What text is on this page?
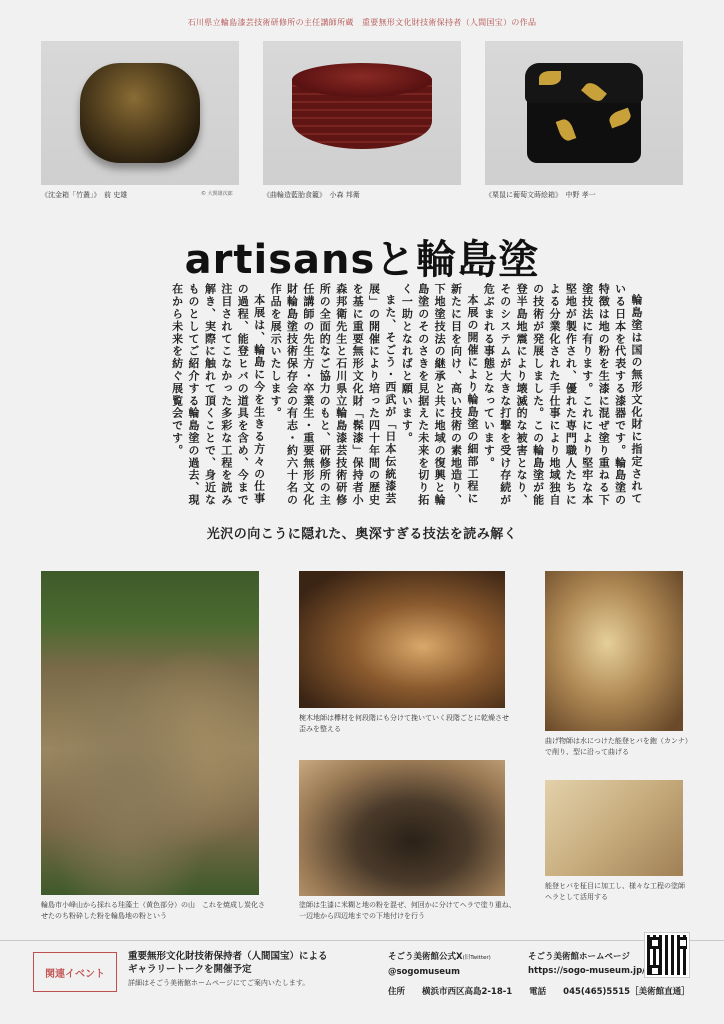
石川県立輪島漆芸技術研修所の主任講師所蔵　重要無形文化財技術保持者（人間国宝）の作品
《沈金箱「竹叢」》　前 史雄	© 大関雄次郎	《曲輪造藍胎食籠》　小森 邦衛	《栗鼠に葡萄文蒔絵箱》　中野 孝一
artisansと輪島塗

輪島塗は国の無形文化財に指定されている日本を代表する漆器です。輪島塗の特徴は地の粉を生漆に混ぜ塗り重ねる下塗技法に有ります。これにより堅牢な本堅地が製作され、優れた専門職人たちによる分業化された手仕事により地域独自の技術が発展しました。この輪島塗が能登半島地震により壊滅的な被害となり、そのシステムが大きな打撃を受け存続が危ぶまれる事態となっています。

本展の開催により輪島塗の細部工程に新たに目を向け、高い技術の素地造り、下地塗技法の継承と共に地域の復興と輪島塗のそのさきを見据えた未来を切り拓く一助となればと願います。

また、そごう・西武が「日本伝統漆芸展」の開催により培った四十年間の歴史を基に重要無形文化財「髹漆」保持者小森邦衛先生と石川県立輪島漆芸技術研修所の全面的なご協力のもと、研修所の主任講師の先生方・卒業生・重要無形文化財輪島塗技術保存会の有志・約六十名の作品を展示いたします。

本展は、輪島に今を生きる方々の仕事の過程、能登ヒバの道具を含め、今まで注目されてこなかった多彩な工程を読み解き、実際に触れて頂くことで、身近なものとしてご紹介する輪島塗の過去、現在から未来を紡ぐ展覧会です。

光沢の向こうに隠れた、奥深すぎる技法を読み解く
輪島市小峰山から採れる珪藻土（黄色部分）の山　これを焼成し炭化させたのち粉砕した粉を輪島地の粉という
椀木地師は欅材を何段階にも分けて挽いていく段階ごとに乾燥させ歪みを整える
曲げ物師は水につけた能登ヒバを鉋（カンナ）で削り、型に沿って曲げる
塗師は生漆に米糊と地の粉を混ぜ、何回かに分けてヘラで塗り重ね、一辺地から四辺地までの下地付けを行う
能登ヒバを柾目に加工し、様々な工程の塗師ヘラとして活用する
関連イベント
重要無形文化財技術保持者（人間国宝）による
ギャラリートークを開催予定
詳細はそごう美術館ホームページにてご案内いたします。
そごう美術館公式X(旧Twitter)
@sogomuseum
そごう美術館ホームページ
https://sogo-museum.jp/
住所 横浜市西区高島2-18-1 電話 045(465)5515［美術館直通］
